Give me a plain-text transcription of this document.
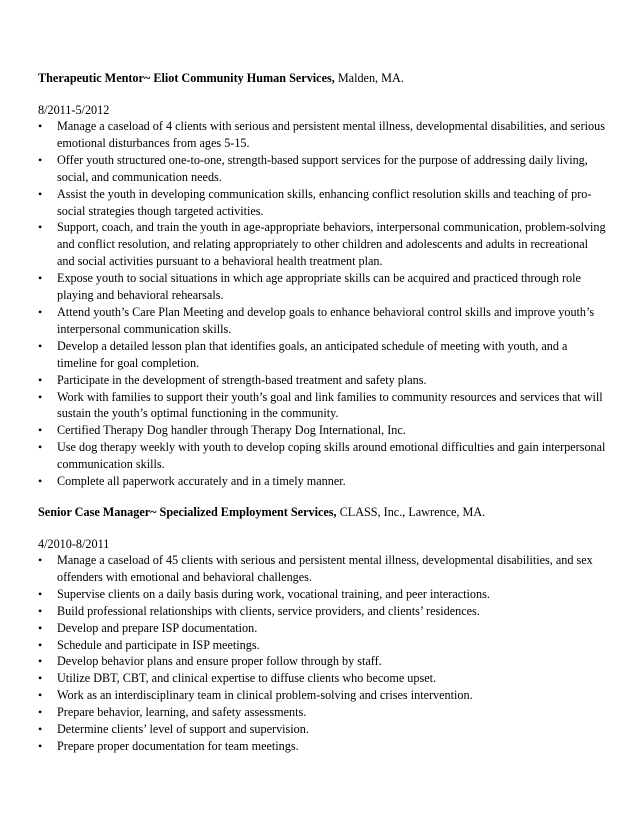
Therapeutic Mentor~ Eliot Community Human Services, Malden, MA.
8/2011-5/2012
•	Manage a caseload of 4 clients with serious and persistent mental illness, developmental disabilities, and serious emotional disturbances from ages 5-15.
•	Offer youth structured one-to-one, strength-based support services for the purpose of addressing daily living, social, and communication needs.
•	Assist the youth in developing communication skills, enhancing conflict resolution skills and teaching of pro-social strategies though targeted activities.
•	Support, coach, and train the youth in age-appropriate behaviors, interpersonal communication, problem-solving and conflict resolution, and relating appropriately to other children and adolescents and adults in recreational and social activities pursuant to a behavioral health treatment plan.
•	Expose youth to social situations in which age appropriate skills can be acquired and practiced through role playing and behavioral rehearsals.
•	Attend youth’s Care Plan Meeting and develop goals to enhance behavioral control skills and improve youth’s interpersonal communication skills.
•	Develop a detailed lesson plan that identifies goals, an anticipated schedule of meeting with youth, and a timeline for goal completion.
•	Participate in the development of strength-based treatment and safety plans.
•	Work with families to support their youth’s goal and link families to community resources and services that will sustain the youth’s optimal functioning in the community.
•	Certified Therapy Dog handler through Therapy Dog International, Inc.
•	Use dog therapy weekly with youth to develop coping skills around emotional difficulties and gain interpersonal communication skills.
•	Complete all paperwork accurately and in a timely manner.
Senior Case Manager~ Specialized Employment Services, CLASS, Inc., Lawrence, MA.
4/2010-8/2011
•	Manage a caseload of 45 clients with serious and persistent mental illness, developmental disabilities, and sex offenders with emotional and behavioral challenges.
•	Supervise clients on a daily basis during work, vocational training, and peer interactions.
•	Build professional relationships with clients, service providers, and clients’ residences.
•	Develop and prepare ISP documentation.
•	Schedule and participate in ISP meetings.
•	Develop behavior plans and ensure proper follow through by staff.
•	Utilize DBT, CBT, and clinical expertise to diffuse clients who become upset.
•	Work as an interdisciplinary team in clinical problem-solving and crises intervention.
•	Prepare behavior, learning, and safety assessments.
•	Determine clients’ level of support and supervision.
•	Prepare proper documentation for team meetings.
